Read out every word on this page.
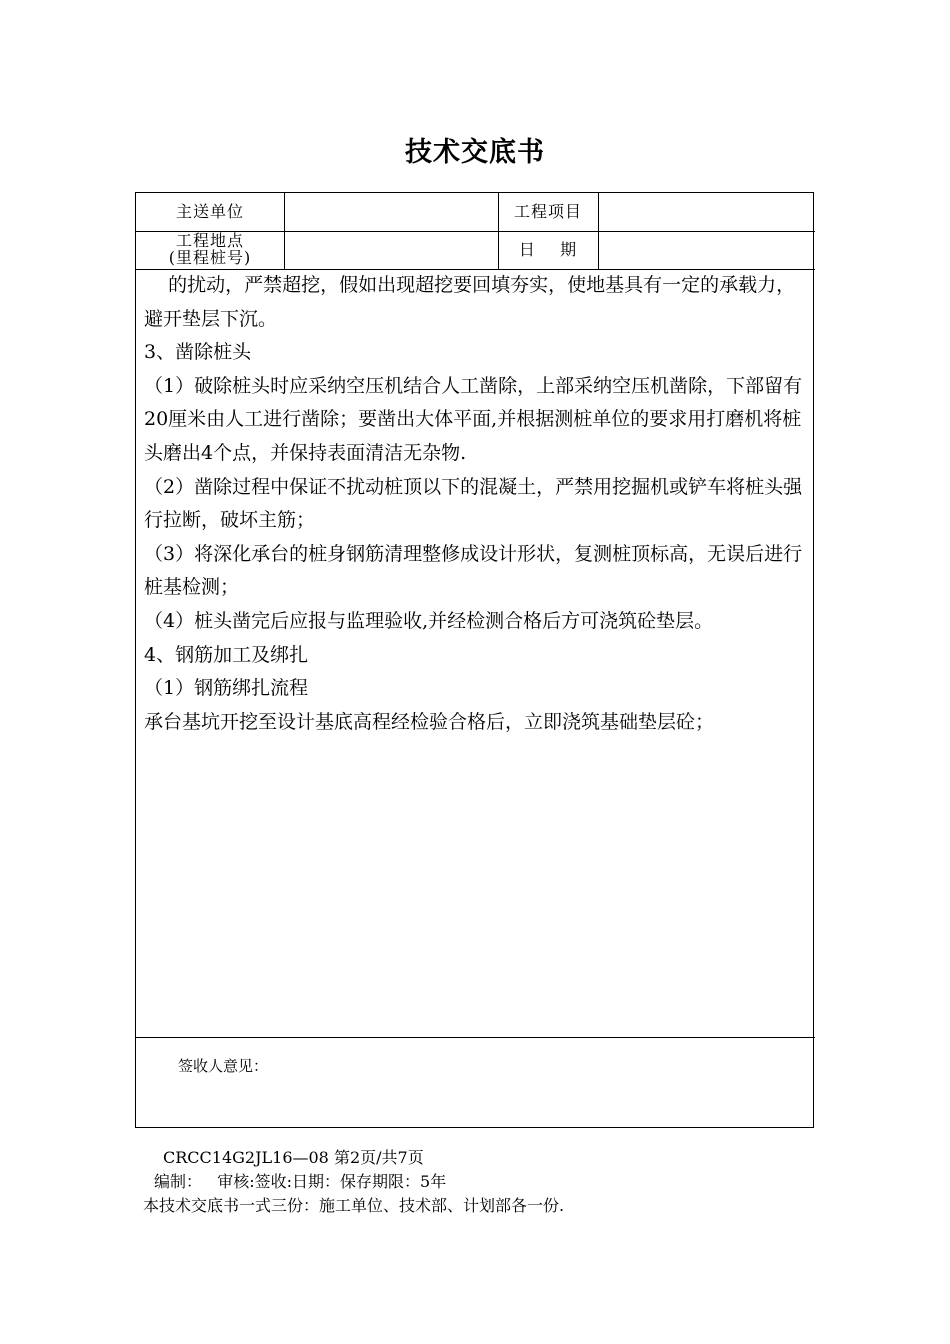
技术交底书
主送单位	工程项目
工程地点
(里程桩号)	日    期

的扰动，严禁超挖，假如出现超挖要回填夯实，使地基具有一定的承载力，避开垫层下沉。

3、凿除桩头

（1）破除桩头时应采纳空压机结合人工凿除，上部采纳空压机凿除，下部留有20厘米由人工进行凿除；要凿出大体平面,并根据测桩单位的要求用打磨机将桩头磨出4个点，并保持表面清洁无杂物.

（2）凿除过程中保证不扰动桩顶以下的混凝土，严禁用挖掘机或铲车将桩头强行拉断，破坏主筋；

（3）将深化承台的桩身钢筋清理整修成设计形状，复测桩顶标高，无误后进行桩基检测；

（4）桩头凿完后应报与监理验收,并经检测合格后方可浇筑砼垫层。

4、钢筋加工及绑扎

（1）钢筋绑扎流程

承台基坑开挖至设计基底高程经检验合格后，立即浇筑基础垫层砼；

签收人意见：
CRCC14G2JL16—08 第2页/共7页
编制：   审核:签收:日期：保存期限：5年
本技术交底书一式三份：施工单位、技术部、计划部各一份.
